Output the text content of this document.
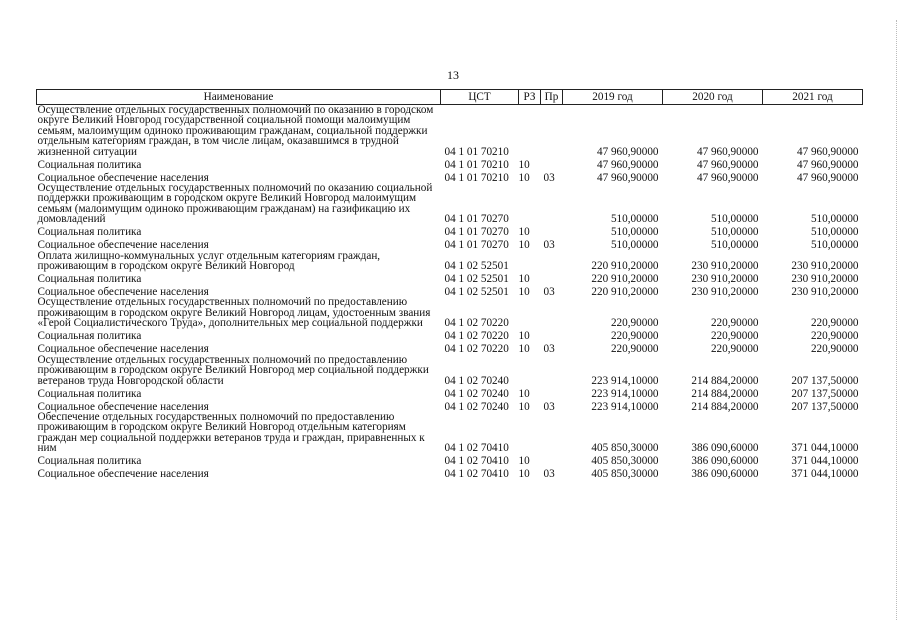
13
Наименование	ЦСТ	РЗ	Пр	2019 год	2020 год	2021 год
Осуществление отдельных государственных полномочий по оказанию в городском округе Великий Новгород государственной социальной помощи малоимущим семьям, малоимущим одиноко проживающим гражданам, социальной поддержки отдельным категориям граждан, в том числе лицам, оказавшимся в трудной жизненной ситуации	04 1 01 70210			47 960,90000	47 960,90000	47 960,90000
Социальная политика	04 1 01 70210	10		47 960,90000	47 960,90000	47 960,90000
Социальное обеспечение населения	04 1 01 70210	10	03	47 960,90000	47 960,90000	47 960,90000
Осуществление отдельных государственных полномочий по оказанию социальной поддержки проживающим в городском округе Великий Новгород малоимущим семьям (малоимущим одиноко проживающим гражданам) на газификацию их домовладений	04 1 01 70270			510,00000	510,00000	510,00000
Социальная политика	04 1 01 70270	10		510,00000	510,00000	510,00000
Социальное обеспечение населения	04 1 01 70270	10	03	510,00000	510,00000	510,00000
Оплата жилищно-коммунальных услуг отдельным категориям граждан, проживающим в городском округе Великий Новгород	04 1 02 52501			220 910,20000	230 910,20000	230 910,20000
Социальная политика	04 1 02 52501	10		220 910,20000	230 910,20000	230 910,20000
Социальное обеспечение населения	04 1 02 52501	10	03	220 910,20000	230 910,20000	230 910,20000
Осуществление отдельных государственных полномочий по предоставлению проживающим в городском округе Великий Новгород лицам, удостоенным звания «Герой Социалистического Труда», дополнительных мер социальной поддержки	04 1 02 70220			220,90000	220,90000	220,90000
Социальная политика	04 1 02 70220	10		220,90000	220,90000	220,90000
Социальное обеспечение населения	04 1 02 70220	10	03	220,90000	220,90000	220,90000
Осуществление отдельных государственных полномочий по предоставлению проживающим в городском округе Великий Новгород мер социальной поддержки ветеранов труда Новгородской области	04 1 02 70240			223 914,10000	214 884,20000	207 137,50000
Социальная политика	04 1 02 70240	10		223 914,10000	214 884,20000	207 137,50000
Социальное обеспечение населения	04 1 02 70240	10	03	223 914,10000	214 884,20000	207 137,50000
Обеспечение отдельных государственных полномочий по предоставлению проживающим в городском округе Великий Новгород отдельным категориям граждан мер социальной поддержки ветеранов труда и граждан, приравненных к ним	04 1 02 70410			405 850,30000	386 090,60000	371 044,10000
Социальная политика	04 1 02 70410	10		405 850,30000	386 090,60000	371 044,10000
Социальное обеспечение населения	04 1 02 70410	10	03	405 850,30000	386 090,60000	371 044,10000
